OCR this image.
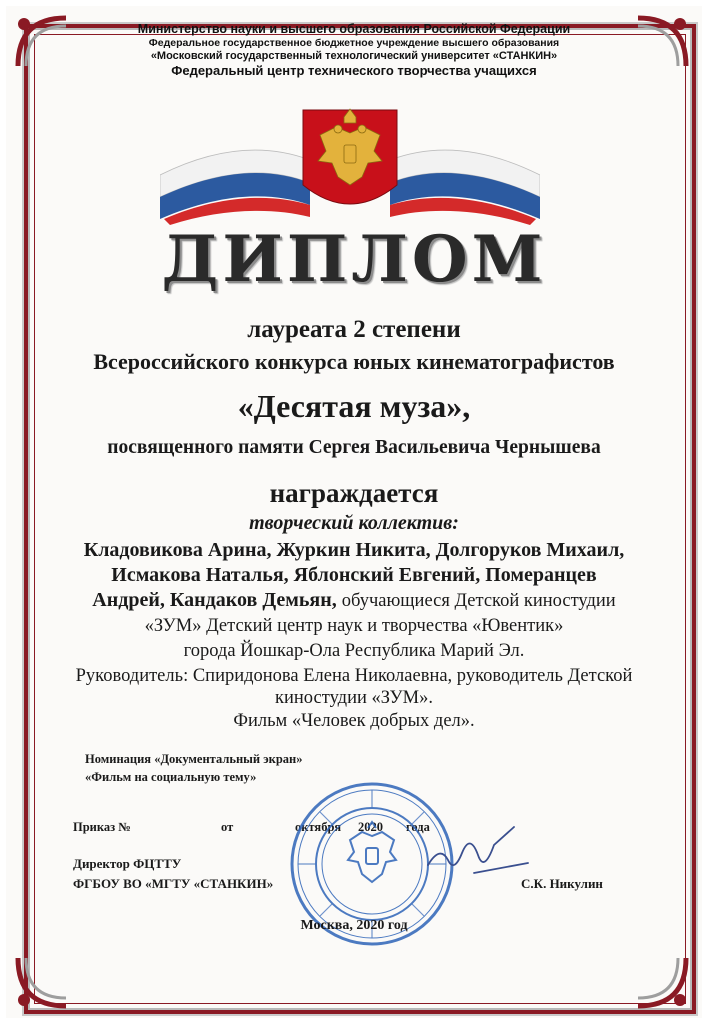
Министерство науки и высшего образования Российской Федерации
Федеральное государственное бюджетное учреждение высшего образования
«Московский государственный технологический университет «СТАНКИН»
Федеральный центр технического творчества учащихся
ДИПЛОМ
лауреата 2 степени
Всероссийского конкурса юных кинематографистов
«Десятая муза»,
посвященного памяти Сергея Васильевича Чернышева
награждается
творческий коллектив:
Кладовикова Арина, Журкин Никита, Долгоруков Михаил,
Исмакова Наталья, Яблонский Евгений, Померанцев
Андрей, Кандаков Демьян, обучающиеся Детской киностудии
«ЗУМ» Детский центр наук и творчества «Ювентик»
города Йошкар-Ола Республика Марий Эл.
Руководитель: Спиридонова Елена Николаевна, руководитель Детской
киностудии «ЗУМ».
Фильм «Человек добрых дел».
Номинация «Документальный экран»
«Фильм на социальную тему»
Приказ №	от	октября 2020 года
Директор ФЦТТУ
ФГБОУ ВО «МГТУ «СТАНКИН»	С.К. Никулин
Москва, 2020 год
